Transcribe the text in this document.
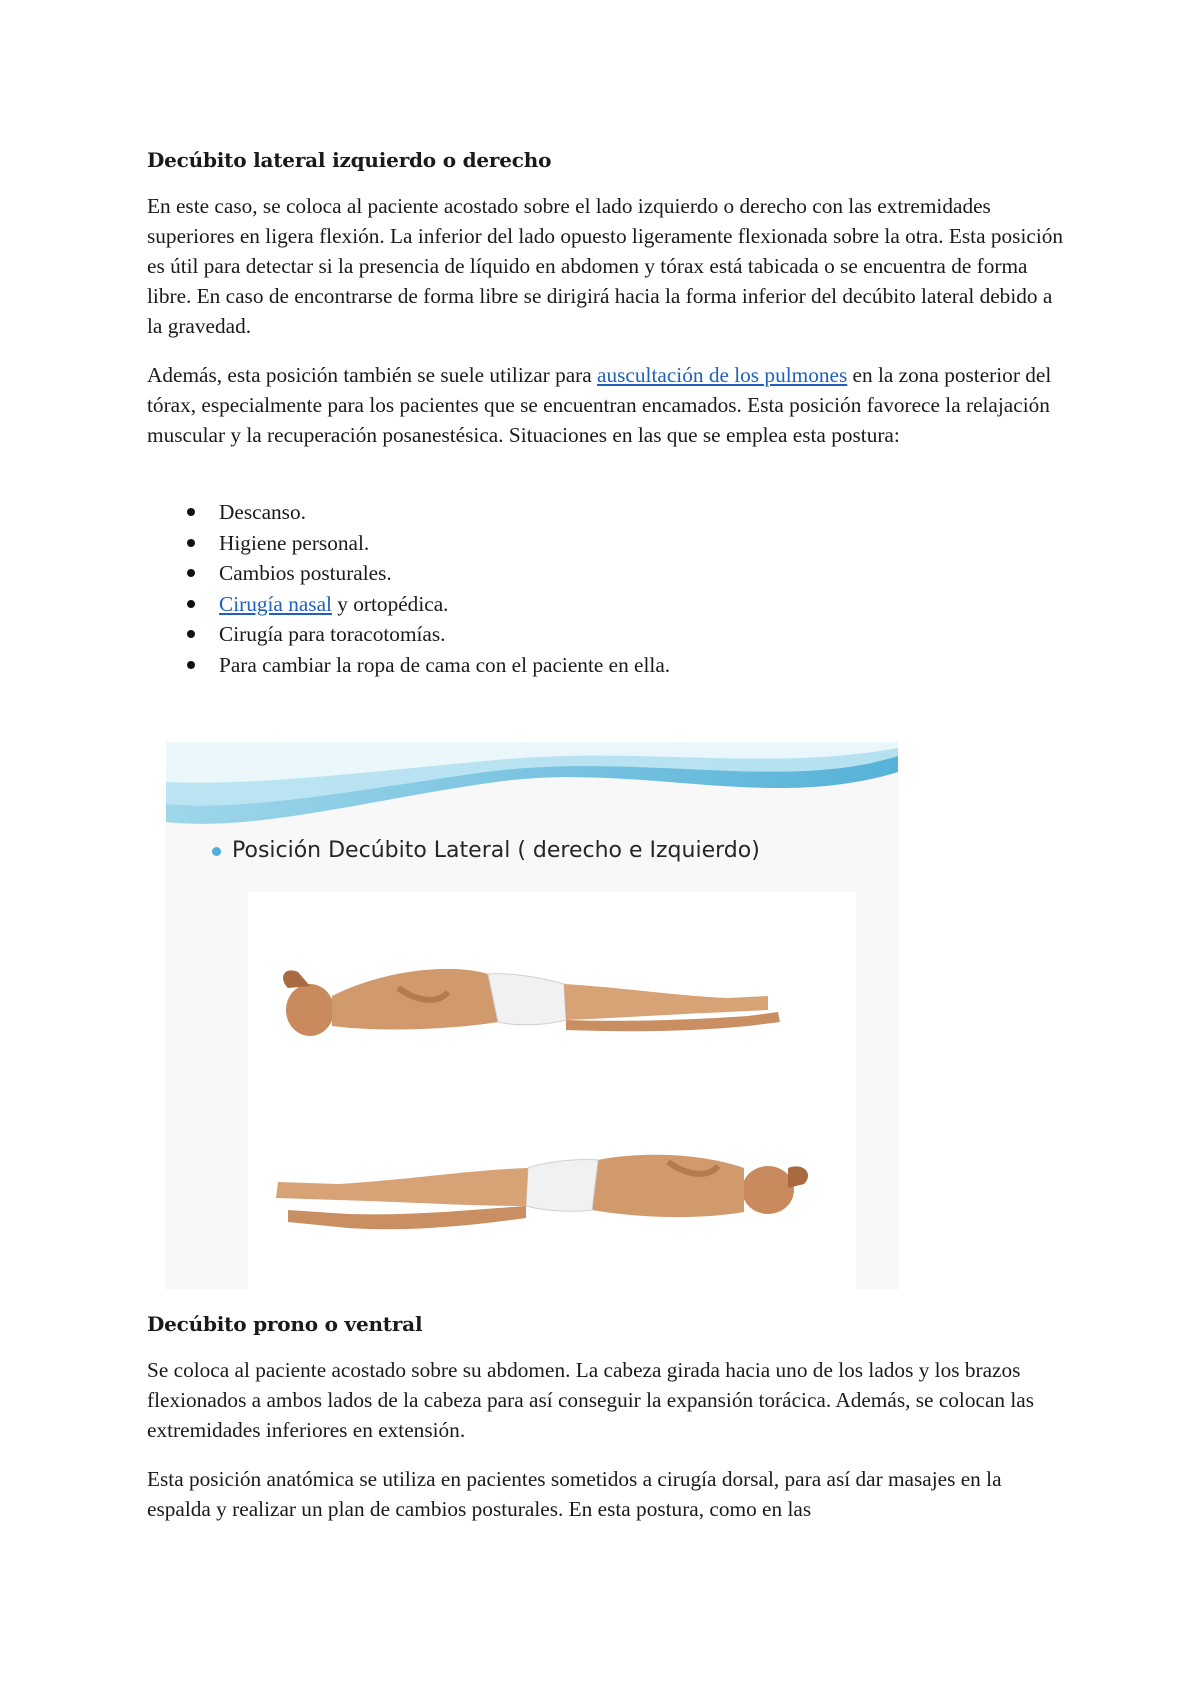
Decúbito lateral izquierdo o derecho

En este caso, se coloca al paciente acostado sobre el lado izquierdo o derecho con las extremidades superiores en ligera flexión. La inferior del lado opuesto ligeramente flexionada sobre la otra. Esta posición es útil para detectar si la presencia de líquido en abdomen y tórax está tabicada o se encuentra de forma libre. En caso de encontrarse de forma libre se dirigirá hacia la forma inferior del decúbito lateral debido a la gravedad.

Además, esta posición también se suele utilizar para auscultación de los pulmones en la zona posterior del tórax, especialmente para los pacientes que se encuentran encamados. Esta posición favorece la relajación muscular y la recuperación posanestésica. Situaciones en las que se emplea esta postura:

Descanso.
Higiene personal.
Cambios posturales.
Cirugía nasal y ortopédica.
Cirugía para toracotomías.
Para cambiar la ropa de cama con el paciente en ella.
Decúbito prono o ventral

Se coloca al paciente acostado sobre su abdomen. La cabeza girada hacia uno de los lados y los brazos flexionados a ambos lados de la cabeza para así conseguir la expansión torácica. Además, se colocan las extremidades inferiores en extensión.

Esta posición anatómica se utiliza en pacientes sometidos a cirugía dorsal, para así dar masajes en la espalda y realizar un plan de cambios posturales. En esta postura, como en las

Posición Decúbito Lateral ( derecho e Izquierdo)
